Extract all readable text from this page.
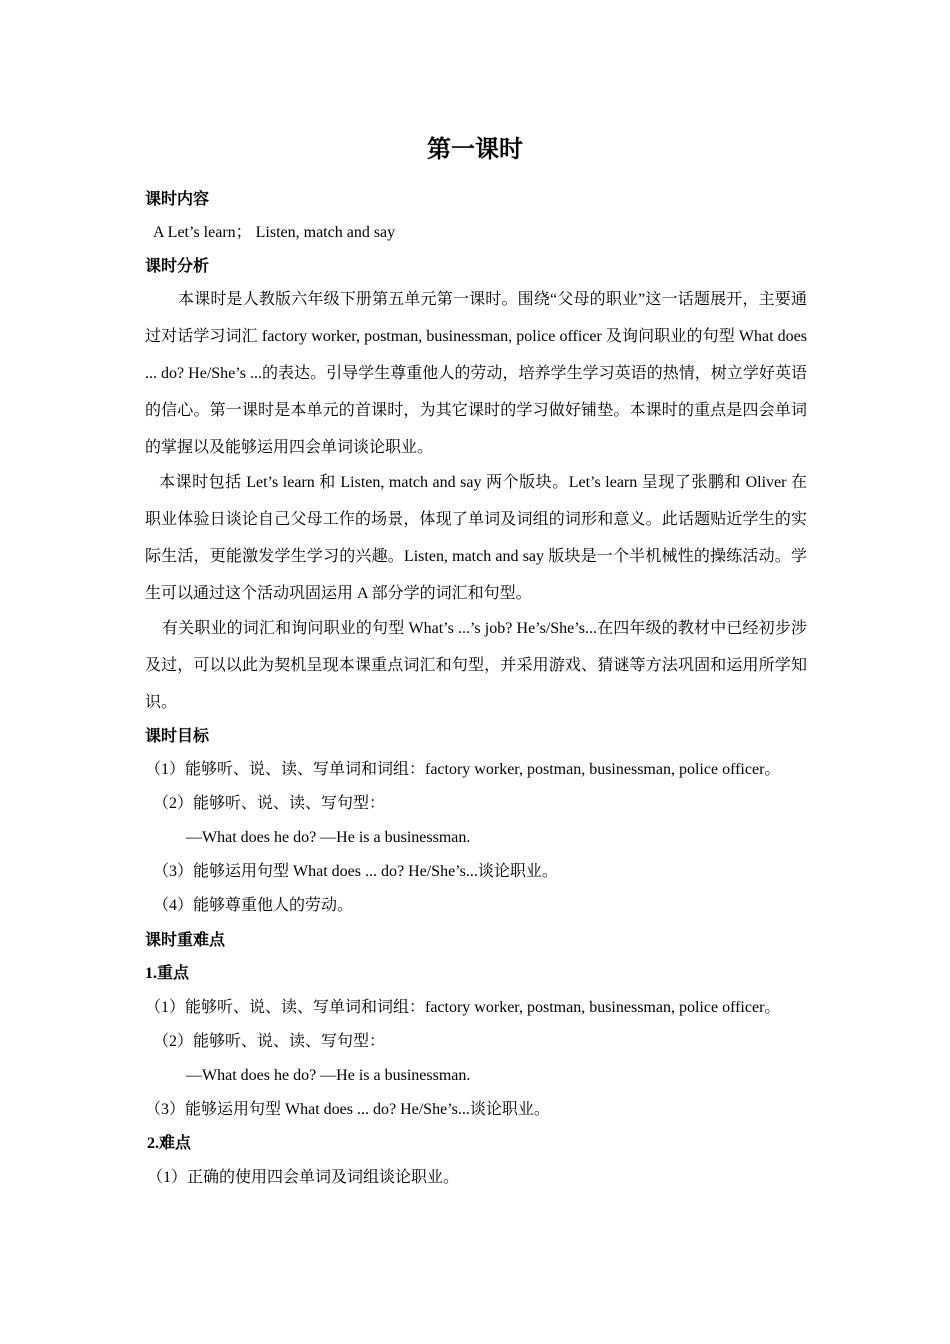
第一课时
课时内容
A Let’s learn； Listen, match and say
课时分析
本课时是人教版六年级下册第五单元第一课时。围绕“父母的职业”这一话题展开，主要通过对话学习词汇 factory worker, postman, businessman, police officer 及询问职业的句型 What does ... do? He/She’s ...的表达。引导学生尊重他人的劳动，培养学生学习英语的热情，树立学好英语的信心。第一课时是本单元的首课时，为其它课时的学习做好铺垫。本课时的重点是四会单词的掌握以及能够运用四会单词谈论职业。
本课时包括 Let’s learn 和 Listen, match and say 两个版块。Let’s learn 呈现了张鹏和 Oliver 在职业体验日谈论自己父母工作的场景，体现了单词及词组的词形和意义。此话题贴近学生的实际生活，更能激发学生学习的兴趣。Listen, match and say 版块是一个半机械性的操练活动。学生可以通过这个活动巩固运用 A 部分学的词汇和句型。
有关职业的词汇和询问职业的句型 What’s ...’s job? He’s/She’s...在四年级的教材中已经初步涉及过，可以以此为契机呈现本课重点词汇和句型，并采用游戏、猜谜等方法巩固和运用所学知识。
课时目标
（1）能够听、说、读、写单词和词组：factory worker, postman, businessman, police officer。
（2）能够听、说、读、写句型：
—What does he do? —He is a businessman.
（3）能够运用句型 What does ... do? He/She’s...谈论职业。
（4）能够尊重他人的劳动。
课时重难点
1.重点
（1）能够听、说、读、写单词和词组：factory worker, postman, businessman, police officer。
（2）能够听、说、读、写句型：
—What does he do? —He is a businessman.
（3）能够运用句型 What does ... do? He/She’s...谈论职业。
2.难点
（1）正确的使用四会单词及词组谈论职业。
